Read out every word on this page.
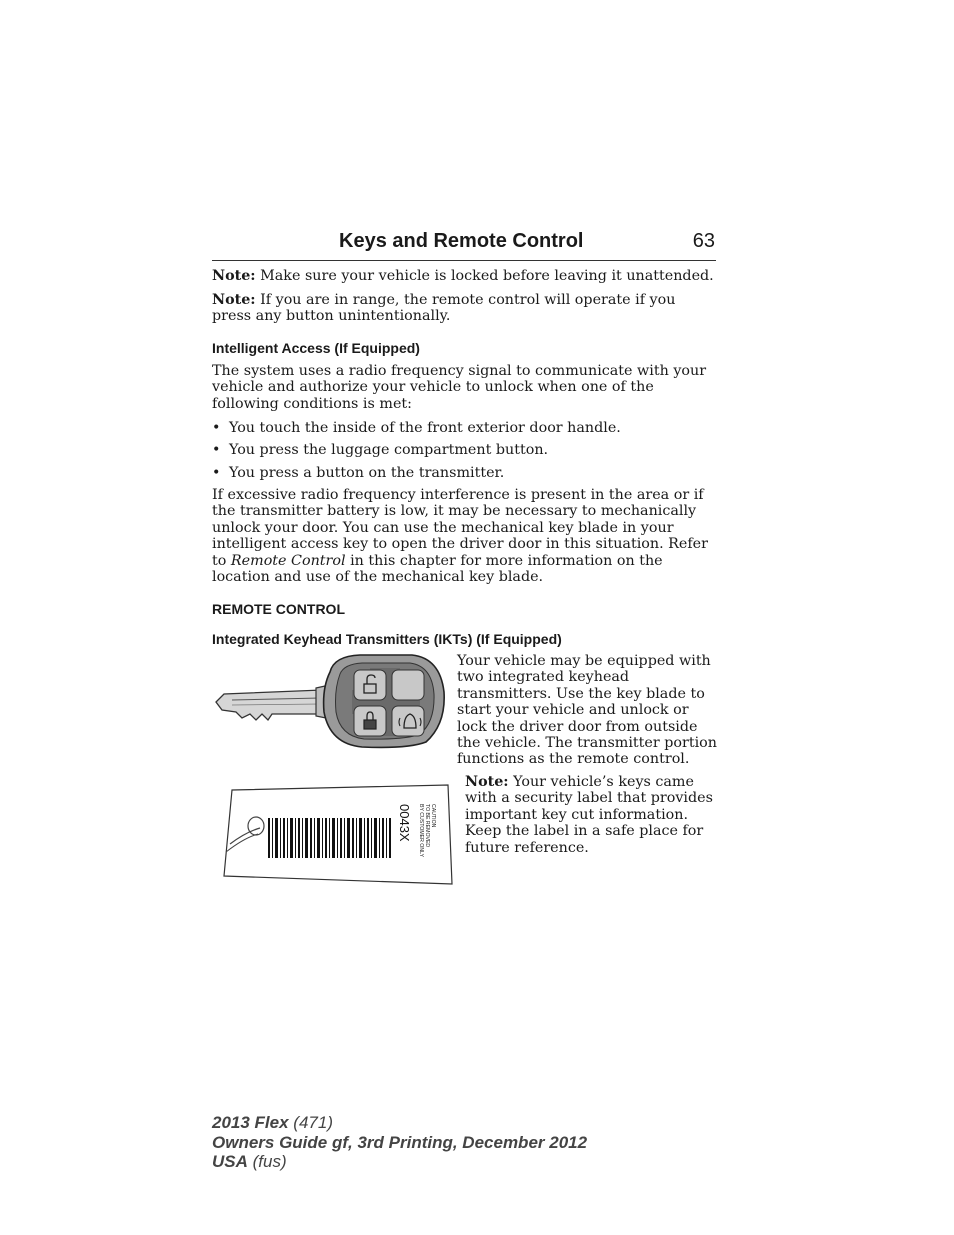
Keys and Remote Control	63
Note: Make sure your vehicle is locked before leaving it unattended.
Note: If you are in range, the remote control will operate if you press any button unintentionally.
Intelligent Access (If Equipped)
The system uses a radio frequency signal to communicate with your vehicle and authorize your vehicle to unlock when one of the following conditions is met:
• You touch the inside of the front exterior door handle.
• You press the luggage compartment button.
• You press a button on the transmitter.
If excessive radio frequency interference is present in the area or if the transmitter battery is low, it may be necessary to mechanically unlock your door. You can use the mechanical key blade in your intelligent access key to open the driver door in this situation. Refer to Remote Control in this chapter for more information on the location and use of the mechanical key blade.
REMOTE CONTROL
Integrated Keyhead Transmitters (IKTs) (If Equipped)
0043X BY CUSTOMER ONLY TO BE REMOVED CAUTION
Your vehicle may be equipped with two integrated keyhead transmitters. Use the key blade to start your vehicle and unlock or lock the driver door from outside the vehicle. The transmitter portion functions as the remote control.
Note: Your vehicle’s keys came with a security label that provides important key cut information. Keep the label in a safe place for future reference.
2013 Flex (471)
Owners Guide gf, 3rd Printing, December 2012
USA (fus)
